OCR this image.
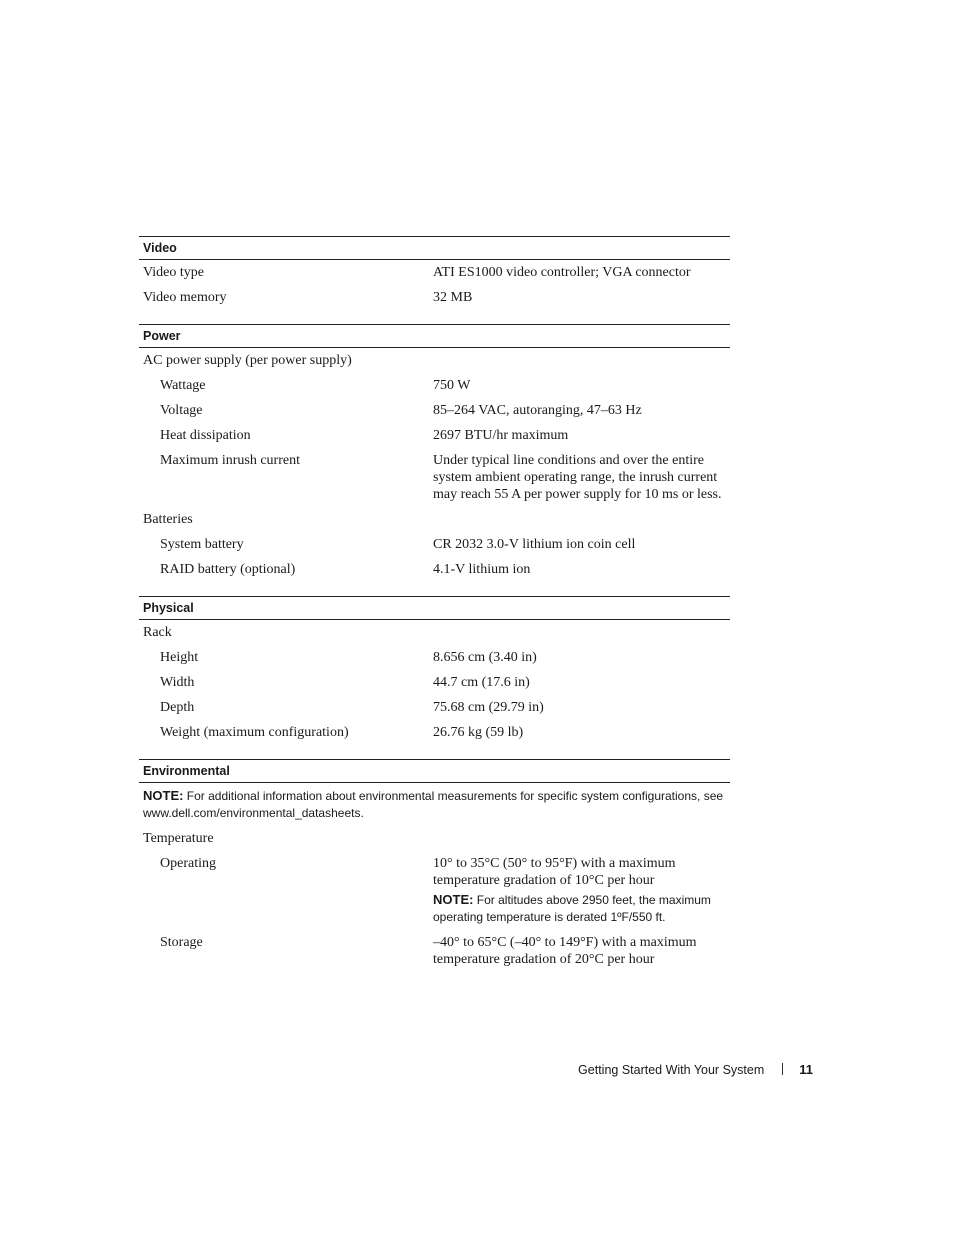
Video
Video type	ATI ES1000 video controller; VGA connector
Video memory	32 MB
Power
AC power supply (per power supply)
Wattage	750 W
Voltage	85–264 VAC, autoranging, 47–63 Hz
Heat dissipation	2697 BTU/hr maximum
Maximum inrush current	Under typical line conditions and over the entire system ambient operating range, the inrush current may reach 55 A per power supply for 10 ms or less.
Batteries
System battery	CR 2032 3.0-V lithium ion coin cell
RAID battery (optional)	4.1-V lithium ion
Physical
Rack
Height	8.656 cm (3.40 in)
Width	44.7 cm (17.6 in)
Depth	75.68 cm (29.79 in)
Weight (maximum configuration)	26.76 kg (59 lb)
Environmental
NOTE: For additional information about environmental measurements for specific system configurations, see www.dell.com/environmental_datasheets.
Temperature
Operating	10° to 35°C (50° to 95°F) with a maximum temperature gradation of 10°C per hour
NOTE: For altitudes above 2950 feet, the maximum operating temperature is derated 1ºF/550 ft.
Storage	–40° to 65°C (–40° to 149°F) with a maximum temperature gradation of 20°C per hour
Getting Started With Your System	11
